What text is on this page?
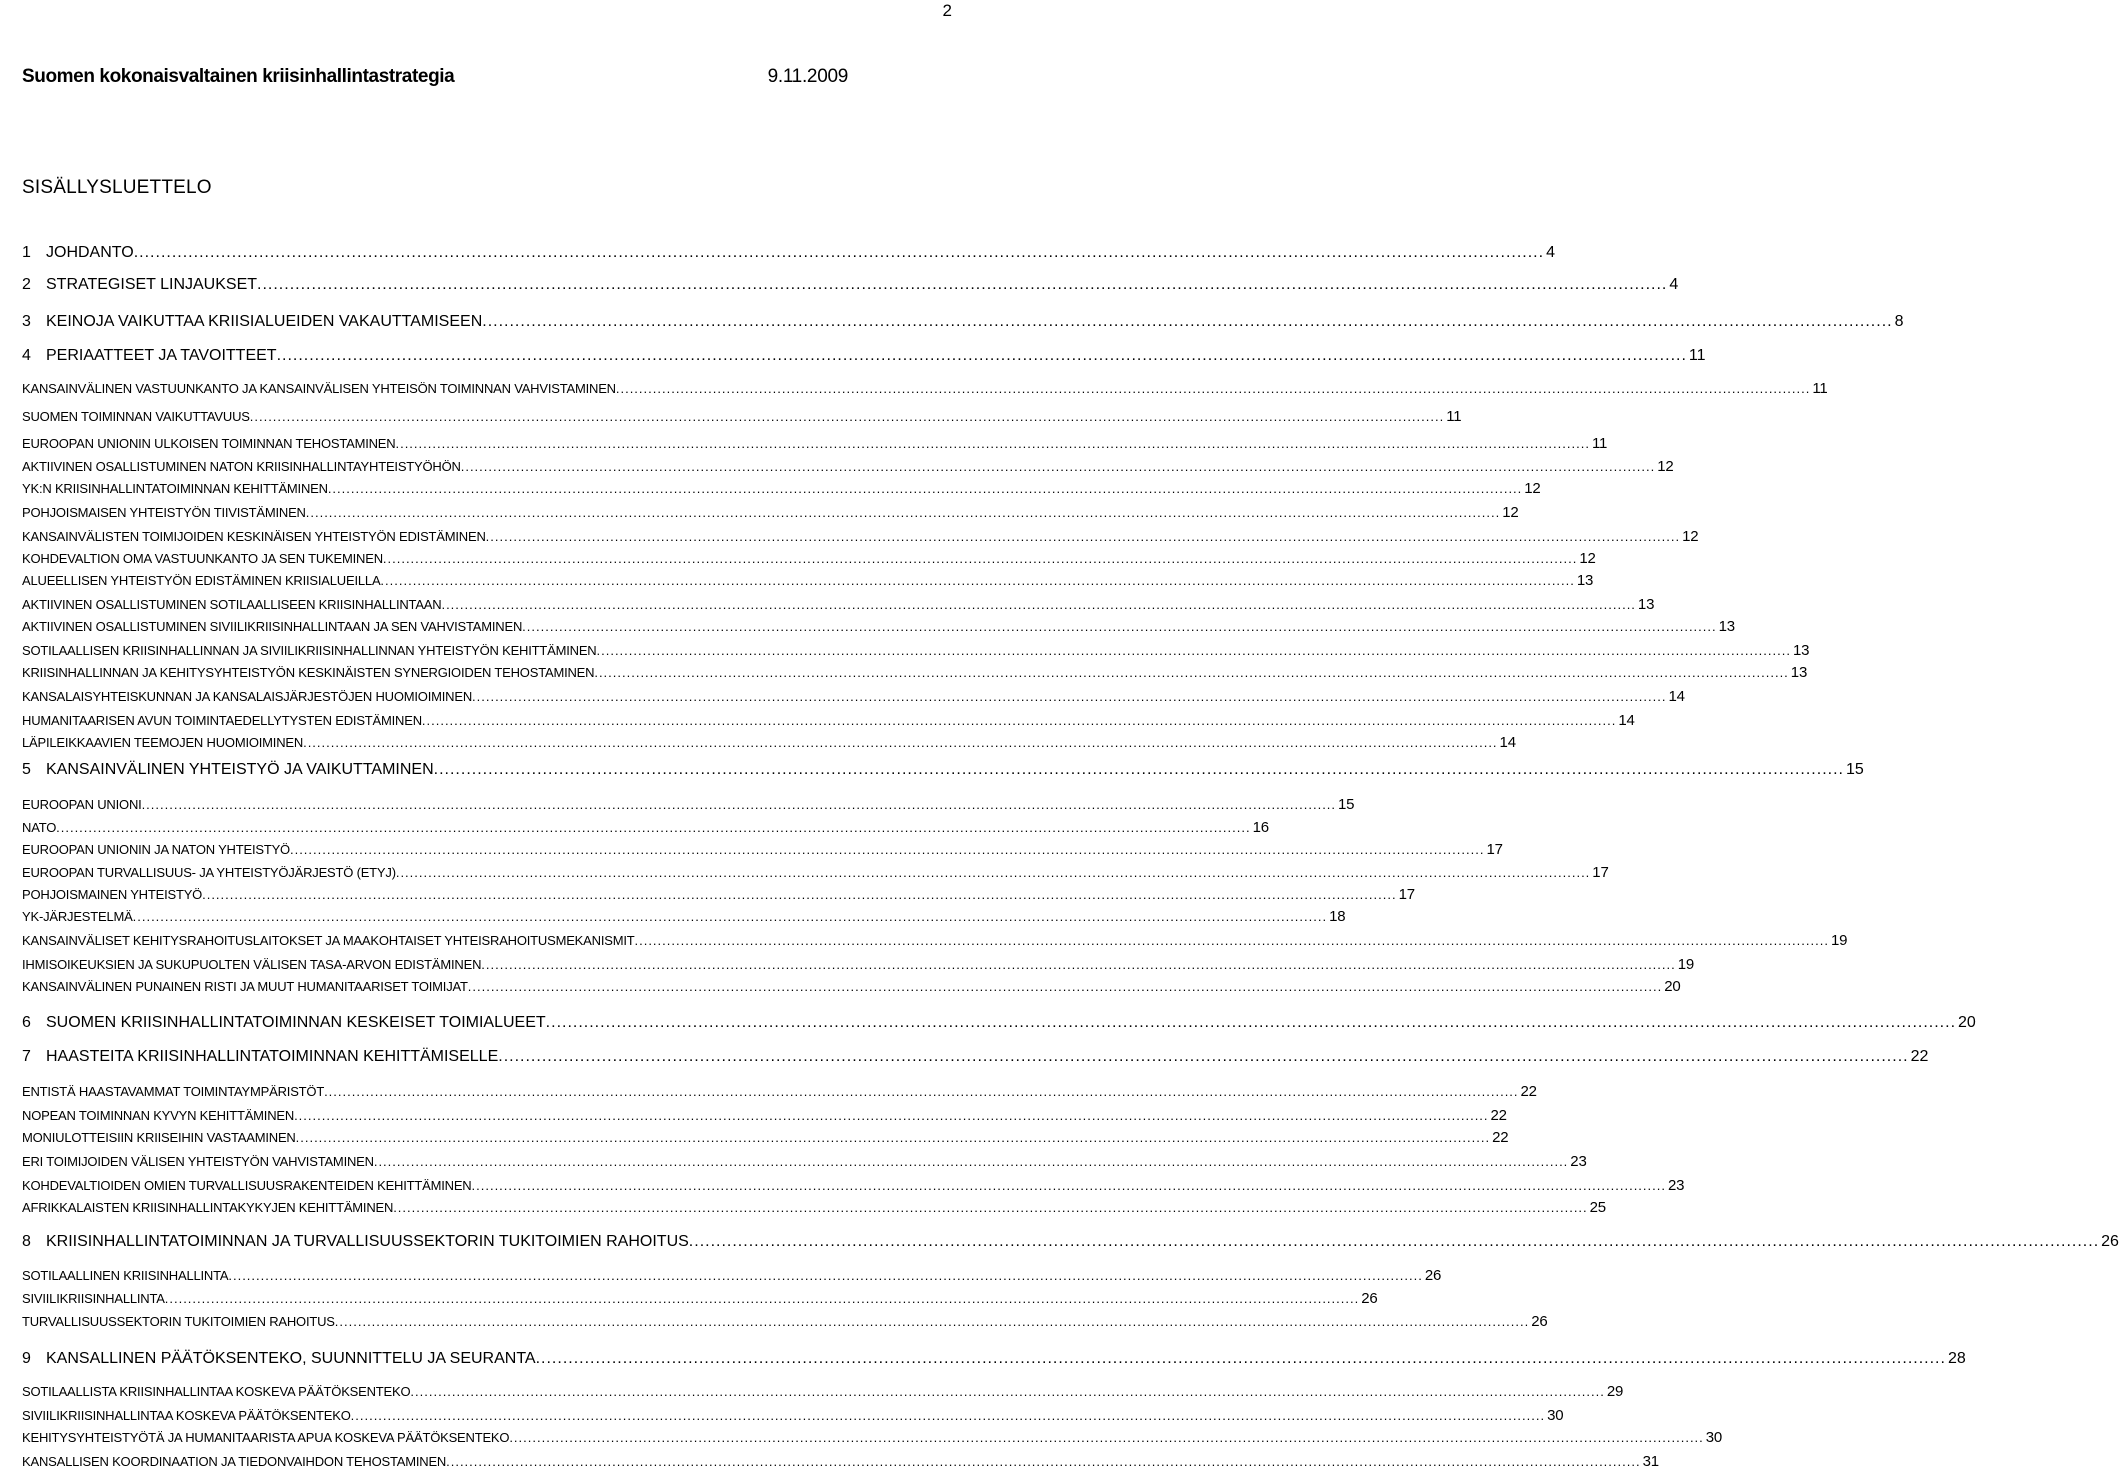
2
Suomen kokonaisvaltainen kriisinhallintastrategia	9.11.2009
SISÄLLYSLUETTELO
1 JOHDANTO .....	4
2 STRATEGISET LINJAUKSET .....	4
3 KEINOJA VAIKUTTAA KRIISIALUEIDEN VAKAUTTAMISEEN .....	8
4 PERIAATTEET JA TAVOITTEET .....	11
KANSAINVÄLINEN VASTUUNKANTO JA KANSAINVÄLISEN YHTEISÖN TOIMINNAN VAHVISTAMINEN .....	11
SUOMEN TOIMINNAN VAIKUTTAVUUS .....	11
EUROOPAN UNIONIN ULKOISEN TOIMINNAN TEHOSTAMINEN .....	11
AKTIIVINEN OSALLISTUMINEN NATON KRIISINHALLINTAYHTEISTYÖHÖN .....	12
YK:N KRIISINHALLINTATOIMINNAN KEHITTÄMINEN .....	12
POHJOISMAISEN YHTEISTYÖN TIIVISTÄMINEN .....	12
KANSAINVÄLISTEN TOIMIJOIDEN KESKINÄISEN YHTEISTYÖN EDISTÄMINEN .....	12
KOHDEVALTION OMA VASTUUNKANTO JA SEN TUKEMINEN .....	12
ALUEELLISEN YHTEISTYÖN EDISTÄMINEN KRIISIALUEILLA .....	13
AKTIIVINEN OSALLISTUMINEN SOTILAALLISEEN KRIISINHALLINTAAN .....	13
AKTIIVINEN OSALLISTUMINEN SIVIILIKRIISINHALLINTAAN JA SEN VAHVISTAMINEN .....	13
SOTILAALLISEN KRIISINHALLINNAN JA SIVIILIKRIISINHALLINNAN YHTEISTYÖN KEHITTÄMINEN .....	13
KRIISINHALLINNAN JA KEHITYSYHTEISTYÖN KESKINÄISTEN SYNERGIOIDEN TEHOSTAMINEN .....	13
KANSALAISYHTEISKUNNAN JA KANSALAISJÄRJESTÖJEN HUOMIOIMINEN .....	14
HUMANITAARISEN AVUN TOIMINTAEDELLYTYSTEN EDISTÄMINEN .....	14
LÄPILEIKKAAVIEN TEEMOJEN HUOMIOIMINEN .....	14
5 KANSAINVÄLINEN YHTEISTYÖ JA VAIKUTTAMINEN .....	15
EUROOPAN UNIONI .....	15
NATO .....	16
EUROOPAN UNIONIN JA NATON YHTEISTYÖ .....	17
EUROOPAN TURVALLISUUS- JA YHTEISTYÖJÄRJESTÖ (ETYJ) .....	17
POHJOISMAINEN YHTEISTYÖ .....	17
YK-JÄRJESTELMÄ .....	18
KANSAINVÄLISET KEHITYSRAHOITUSLAITOKSET JA MAAKOHTAISET YHTEISRAHOITUSMEKANISMIT .....	19
IHMISOIKEUKSIEN JA SUKUPUOLTEN VÄLISEN TASA-ARVON EDISTÄMINEN .....	19
KANSAINVÄLINEN PUNAINEN RISTI JA MUUT HUMANITAARISET TOIMIJAT .....	20
6 SUOMEN KRIISINHALLINTATOIMINNAN KESKEISET TOIMIALUEET .....	20
7 HAASTEITA KRIISINHALLINTATOIMINNAN KEHITTÄMISELLE .....	22
ENTISTÄ HAASTAVAMMAT TOIMINTAYMPÄRISTÖT .....	22
NOPEAN TOIMINNAN KYVYN KEHITTÄMINEN .....	22
MONIULOTTEISIIN KRIISEIHIN VASTAAMINEN .....	22
ERI TOIMIJOIDEN VÄLISEN YHTEISTYÖN VAHVISTAMINEN .....	23
KOHDEVALTIOIDEN OMIEN TURVALLISUUSRAKENTEIDEN KEHITTÄMINEN .....	23
AFRIKKALAISTEN KRIISINHALLINTAKYKYJEN KEHITTÄMINEN .....	25
8 KRIISINHALLINTATOIMINNAN JA TURVALLISUUSSEKTORIN TUKITOIMIEN RAHOITUS .....	26
SOTILAALLINEN KRIISINHALLINTA .....	26
SIVIILIKRIISINHALLINTA .....	26
TURVALLISUUSSEKTORIN TUKITOIMIEN RAHOITUS .....	26
9 KANSALLINEN PÄÄTÖKSENTEKO, SUUNNITTELU JA SEURANTA .....	28
SOTILAALLISTA KRIISINHALLINTAA KOSKEVA PÄÄTÖKSENTEKO .....	29
SIVIILIKRIISINHALLINTAA KOSKEVA PÄÄTÖKSENTEKO .....	30
KEHITYSYHTEISTYÖTÄ JA HUMANITAARISTA APUA KOSKEVA PÄÄTÖKSENTEKO .....	30
KANSALLISEN KOORDINAATION JA TIEDONVAIHDON TEHOSTAMINEN .....	31
